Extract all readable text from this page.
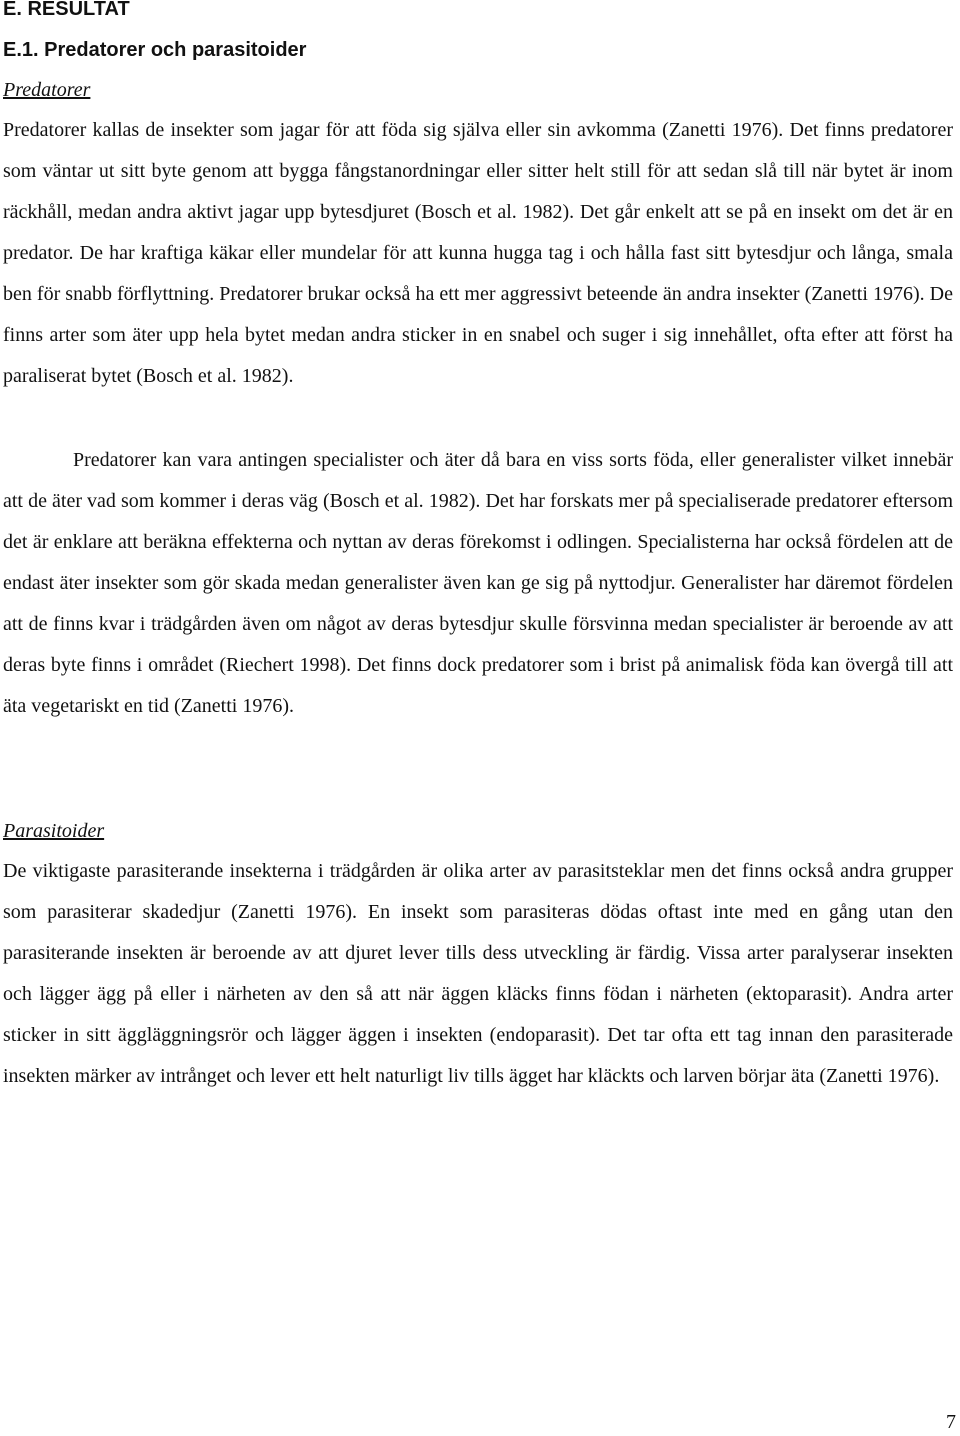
E. RESULTAT
E.1. Predatorer och parasitoider
Predatorer

Predatorer kallas de insekter som jagar för att föda sig själva eller sin avkomma (Zanetti 1976). Det finns predatorer som väntar ut sitt byte genom att bygga fångstanordningar eller sitter helt still för att sedan slå till när bytet är inom räckhåll, medan andra aktivt jagar upp bytesdjuret (Bosch et al. 1982). Det går enkelt att se på en insekt om det är en predator. De har kraftiga käkar eller mundelar för att kunna hugga tag i och hålla fast sitt bytesdjur och långa, smala ben för snabb förflyttning. Predatorer brukar också ha ett mer aggressivt beteende än andra insekter (Zanetti 1976). De finns arter som äter upp hela bytet medan andra sticker in en snabel och suger i sig innehållet, ofta efter att först ha paraliserat bytet (Bosch et al. 1982).

Predatorer kan vara antingen specialister och äter då bara en viss sorts föda, eller generalister vilket innebär att de äter vad som kommer i deras väg (Bosch et al. 1982). Det har forskats mer på specialiserade predatorer eftersom det är enklare att beräkna effekterna och nyttan av deras förekomst i odlingen. Specialisterna har också fördelen att de endast äter insekter som gör skada medan generalister även kan ge sig på nyttodjur. Generalister har däremot fördelen att de finns kvar i trädgården även om något av deras bytesdjur skulle försvinna medan specialister är beroende av att deras byte finns i området (Riechert 1998). Det finns dock predatorer som i brist på animalisk föda kan övergå till att äta vegetariskt en tid (Zanetti 1976).

Parasitoider

De viktigaste parasiterande insekterna i trädgården är olika arter av parasitsteklar men det finns också andra grupper som parasiterar skadedjur (Zanetti 1976). En insekt som parasiteras dödas oftast inte med en gång utan den parasiterande insekten är beroende av att djuret lever tills dess utveckling är färdig. Vissa arter paralyserar insekten och lägger ägg på eller i närheten av den så att när äggen kläcks finns födan i närheten (ektoparasit). Andra arter sticker in sitt äggläggningsrör och lägger äggen i insekten (endoparasit). Det tar ofta ett tag innan den parasiterade insekten märker av intrånget och lever ett helt naturligt liv tills ägget har kläckts och larven börjar äta (Zanetti 1976).

7
